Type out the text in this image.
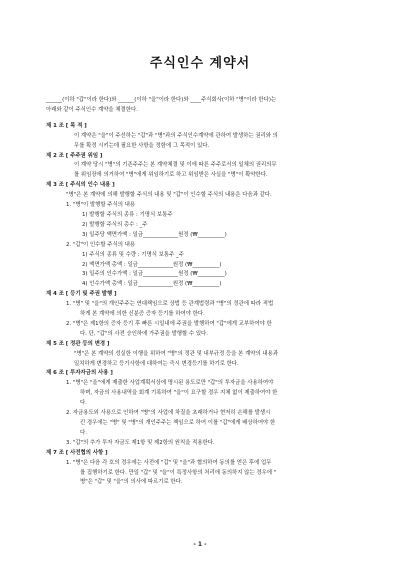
주식인수 계약서
______(이하 "갑"이라 한다)와 ______(이하 "을"이라 한다)와 ____주식회사(이하 "병"이라 한다)는
아래와 같이 주식인수 계약을 체결한다.
제 1 조 [ 목 적 ]
이 계약은 "을"이 주선하는 "갑"과 "병"과의 주식인수계약에 관하여 발생하는 권리와 의
무를 확정 시키는데 필요한 사항을 정함에 그 목적이 있다.
제 2 조 [ 주주권 위임 ]
이 계약 당시 "병"의 기존주주는 본 계약체결 및 이에 따른 주주로서의 일체의 권리의무
를 위임장에 의거하여 "병"에게 위임하기로 하고 위임받은 사실을 "병"이 확약한다.
제 3 조 [ 주식의 인수 내용 ]
"병"은 본 계약에 의해 발행할 주식의 내용 및 "갑"이 인수할 주식의 내용은 다음과 같다.
1. "병"이 발행할 주식의 내용
1) 발행할 주식의 종류 : 기명식 보통주
2) 발행할 주식의 총수 : _주
3) 일주당 액면가액 : 일금_____________원정 (₩__________)
2. "갑"이 인수할 주식의 내용
1) 주식의 종류 및 수량 : 기명식 보통주 _주
2) 액면가액 총액 : 일금_____________원정 (₩__________)
3) 일주의 인수가액 : 일금_____________원정 (₩__________)
4) 인수가액 총액 : 일금_____________원정 (₩__________)
제 4 조 [ 등기 및 주권 발행 ]
1. "병" 및 "을"의 개인주주는 연대책임으로 상법 등 관계법령과 "병"의 정관에 따라 적법
하게 본 계약에 의한 신분증 증자 등기를 하여야 한다.
2. "병"은 제1항의 증자 등기 후 빠른 시일내에 주권을 발행하여 "갑"에게 교부하여야 한
다. 단, "갑"의 사전 승인하에 가주권을 발행할 수 있다.
제 5 조 [ 정관 등의 변경 ]
"병"은 본 계약의 성실한 이행을 위하여 "병"의 정관 및 내부규정 등을 본 계약의 내용과
일치하게 변경하고 등기사항에 대하여는 즉시 변경등기를 하기로 한다.
제 6 조 [ 투자자금의 사용 ]
1. "병"은 "을"에게 제출한 사업계획서상에 명시된 용도로만 "갑"의 투자금을 사용하여야
하며, 자금의 사용내역을 회계 기록하여 "을"이 요구할 경우 지체 없이 제출하여야 한
다.
2. 자금용도외 사용으로 인하여 "병"의 사업에 차질을 초래하거나 현저히 손해를 발생시
킨 경우에는 "병" 및 "병"의 개인주주는 책임으로 하여 이를 "갑"에게 배상하여야 한
다.
3. "갑"의 추가 투자 자금도 제1항 및 제2항의 원칙을 적용한다.
제 7 조 [ 사전협의 사항 ]
1. "병"은 다음 각 호의 경우에는 사전에 "갑" 및 "을"과 협의하여 동의를 얻은 후에 업무
를 집행하기로 한다. 만일 "갑" 및 "을"이 특정사항의 처리에 동의하지 않는 경우에 "
병"은 "갑" 및 "을"의 의사에 따르기로 한다.
- 1 -
